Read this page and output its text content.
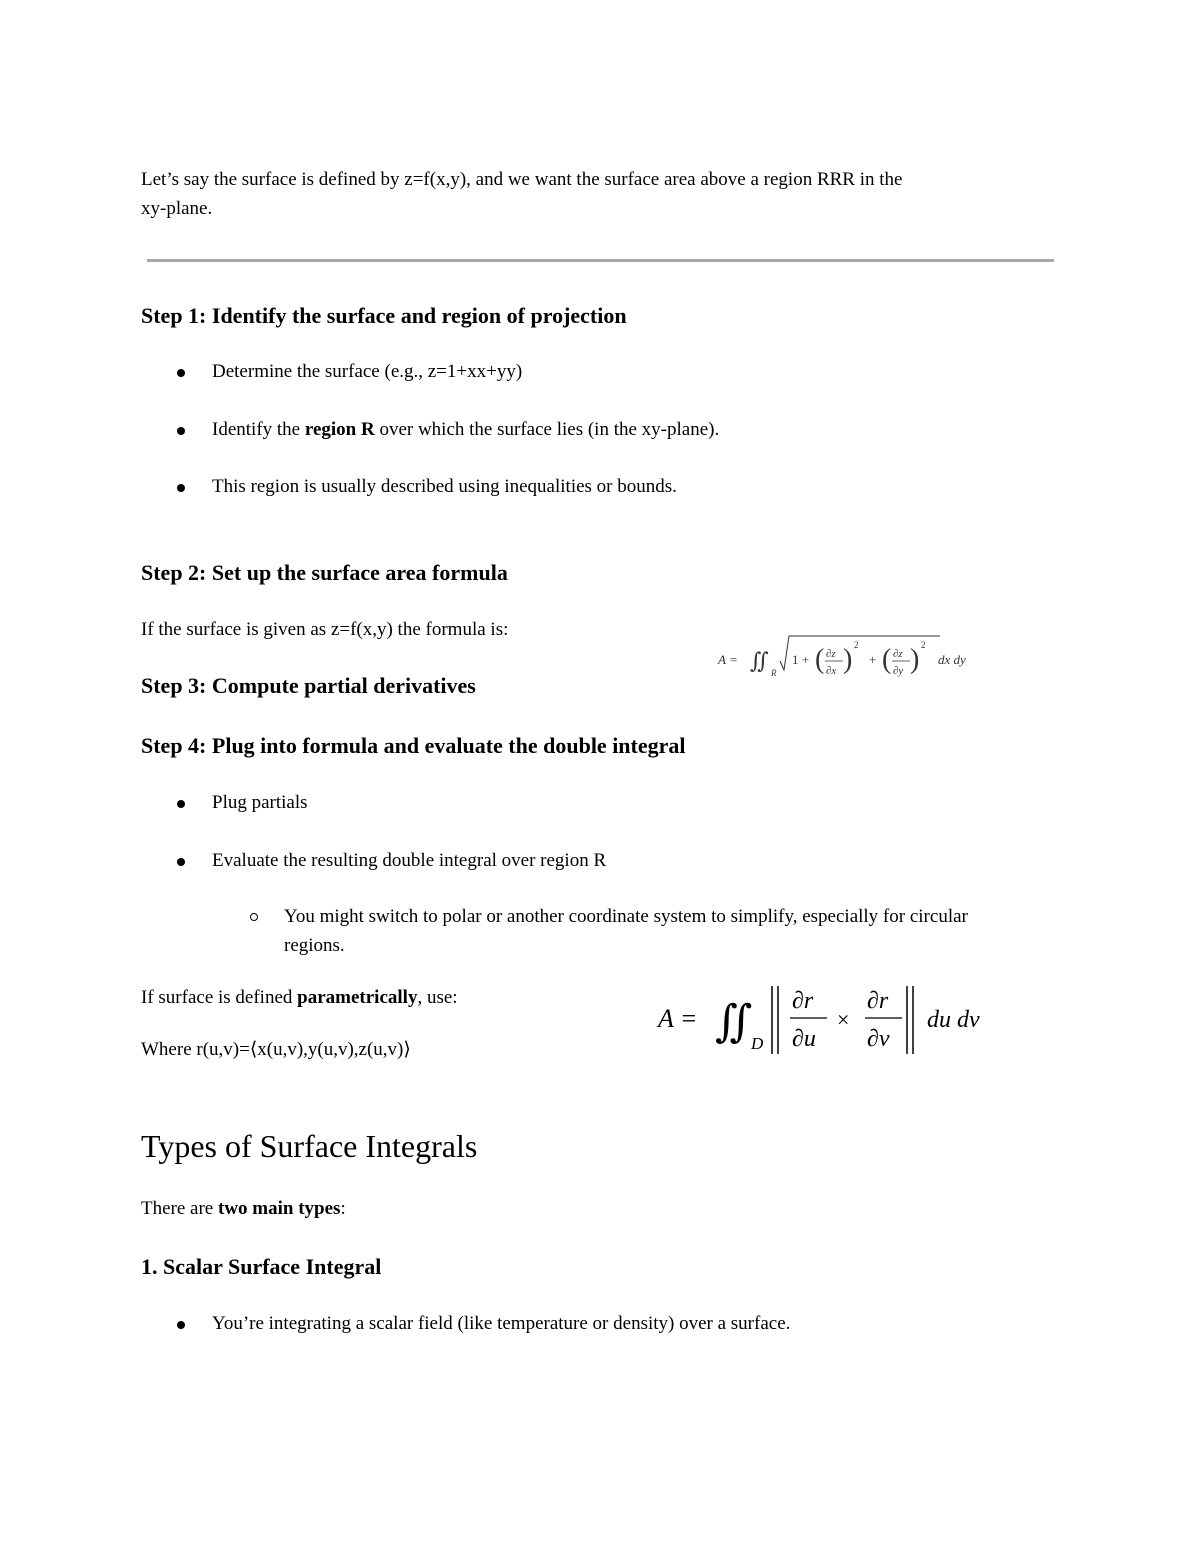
Let’s say the surface is defined by z=f(x,y), and we want the surface area above a region RRR in the
xy-plane.
Step 1: Identify the surface and region of projection
Determine the surface (e.g., z=1+xx+yy)
Identify the region R over which the surface lies (in the xy-plane).
This region is usually described using inequalities or bounds.
Step 2: Set up the surface area formula
If the surface is given as z=f(x,y) the formula is:
A = ∬ R
1 + ( ∂z
∂x ) 2
+ ( ∂z
∂y ) 2
dx dy
Step 3: Compute partial derivatives
Step 4: Plug into formula and evaluate the double integral
Plug partials
Evaluate the resulting double integral over region R
You might switch to polar or another coordinate system to simplify, especially for circular
regions.
If surface is defined parametrically, use:
Where r(u,v)=⟨x(u,v),y(u,v),z(u,v)⟩
A = ∬
D
∂r⃗
∂u
×
∂r⃗
∂v
du dv
Types of Surface Integrals
There are two main types:
1. Scalar Surface Integral
You’re integrating a scalar field (like temperature or density) over a surface.
